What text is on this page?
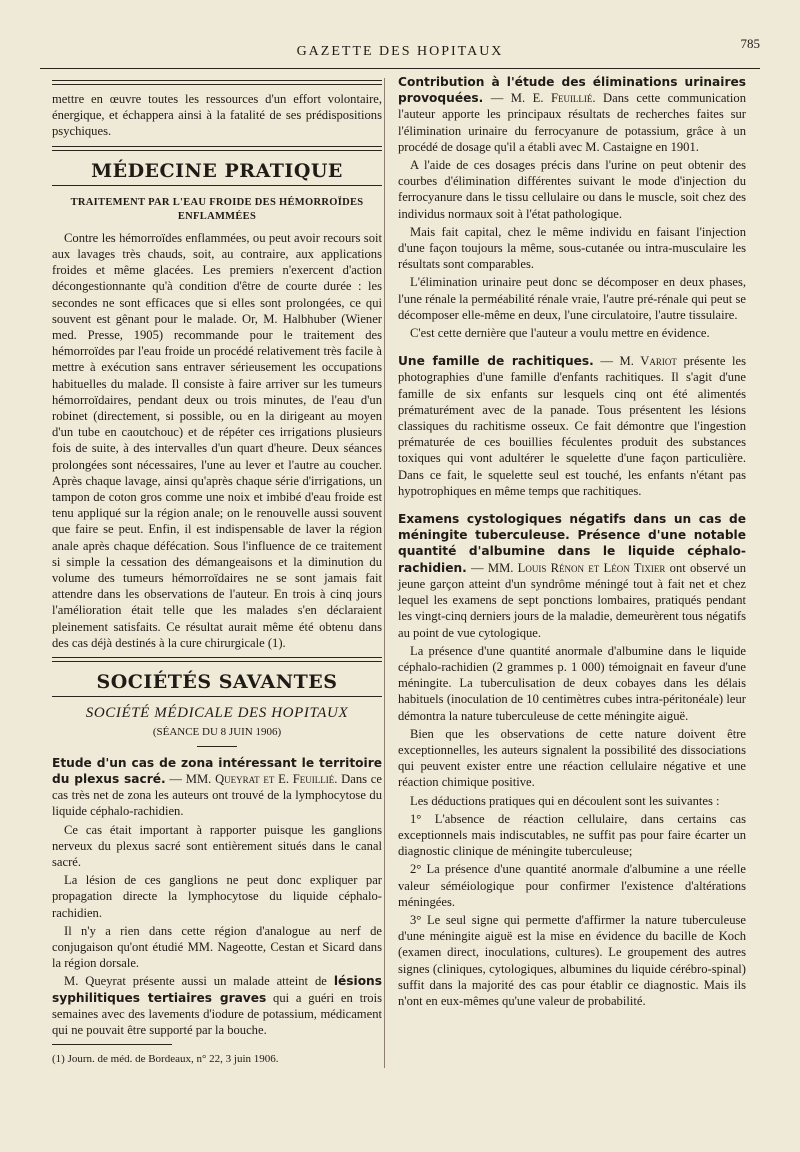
GAZETTE DES HOPITAUX
785

mettre en œuvre toutes les ressources d'un effort volontaire, énergique, et échappera ainsi à la fatalité de ses prédispositions psychiques.

MÉDECINE PRATIQUE
TRAITEMENT PAR L'EAU FROIDE DES HÉMORROÏDES ENFLAMMÉES

Contre les hémorroïdes enflammées, ou peut avoir recours soit aux lavages très chauds, soit, au contraire, aux applications froides et même glacées. Les premiers n'exercent d'action décongestionnante qu'à condition d'être de courte durée : les secondes ne sont efficaces que si elles sont prolongées, ce qui souvent est gênant pour le malade. Or, M. Halbhuber (Wiener med. Presse, 1905) recommande pour le traitement des hémorroïdes par l'eau froide un procédé relativement très facile à mettre à exécution sans entraver sérieusement les occupations habituelles du malade. Il consiste à faire arriver sur les tumeurs hémorroïdaires, pendant deux ou trois minutes, de l'eau d'un robinet (directement, si possible, ou en la dirigeant au moyen d'un tube en caoutchouc) et de répéter ces irrigations plusieurs fois de suite, à des intervalles d'un quart d'heure. Deux séances prolongées sont nécessaires, l'une au lever et l'autre au coucher. Après chaque lavage, ainsi qu'après chaque série d'irrigations, un tampon de coton gros comme une noix et imbibé d'eau froide est tenu appliqué sur la région anale; on le renouvelle aussi souvent que faire se peut. Enfin, il est indispensable de laver la région anale après chaque défécation. Sous l'influence de ce traitement si simple la cessation des démangeaisons et la diminution du volume des tumeurs hémorroïdaires ne se sont jamais fait attendre dans les observations de l'auteur. En trois à cinq jours l'amélioration était telle que les malades s'en déclaraient pleinement satisfaits. Ce résultat aurait même été obtenu dans des cas déjà destinés à la cure chirurgicale (1).

SOCIÉTÉS SAVANTES
SOCIÉTÉ MÉDICALE DES HOPITAUX
(SÉANCE DU 8 JUIN 1906)

Etude d'un cas de zona intéressant le territoire du plexus sacré. — MM. Queyrat et E. Feuillié. Dans ce cas très net de zona les auteurs ont trouvé de la lymphocytose du liquide céphalo-rachidien.

Ce cas était important à rapporter puisque les ganglions nerveux du plexus sacré sont entièrement situés dans le canal sacré.

La lésion de ces ganglions ne peut donc expliquer par propagation directe la lymphocytose du liquide céphalo-rachidien.

Il n'y a rien dans cette région d'analogue au nerf de conjugaison qu'ont étudié MM. Nageotte, Cestan et Sicard dans la région dorsale.

M. Queyrat présente aussi un malade atteint de lésions syphilitiques tertiaires graves qui a guéri en trois semaines avec des lavements d'iodure de potassium, médicament qui ne pouvait être supporté par la bouche.

(1) Journ. de méd. de Bordeaux, n° 22, 3 juin 1906.

Contribution à l'étude des éliminations urinaires provoquées. — M. E. Feuillié. Dans cette communication l'auteur apporte les principaux résultats de recherches faites sur l'élimination urinaire du ferrocyanure de potassium, grâce à un procédé de dosage qu'il a établi avec M. Castaigne en 1901.

A l'aide de ces dosages précis dans l'urine on peut obtenir des courbes d'élimination différentes suivant le mode d'injection du ferrocyanure dans le tissu cellulaire ou dans le muscle, soit chez des individus normaux soit à l'état pathologique.

Mais fait capital, chez le même individu en faisant l'injection d'une façon toujours la même, sous-cutanée ou intra-musculaire les résultats sont comparables.

L'élimination urinaire peut donc se décomposer en deux phases, l'une rénale la perméabilité rénale vraie, l'autre pré-rénale qui peut se décomposer elle-même en deux, l'une circulatoire, l'autre tissulaire.

C'est cette dernière que l'auteur a voulu mettre en évidence.

Une famille de rachitiques. — M. Variot présente les photographies d'une famille d'enfants rachitiques. Il s'agit d'une famille de six enfants sur lesquels cinq ont été alimentés prématurément avec de la panade. Tous présentent les lésions classiques du rachitisme osseux. Ce fait démontre que l'ingestion prématurée de ces bouillies féculentes produit des substances toxiques qui vont adultérer le squelette d'une façon particulière. Dans ce fait, le squelette seul est touché, les enfants n'étant pas hypotrophiques en même temps que rachitiques.

Examens cystologiques négatifs dans un cas de méningite tuberculeuse. Présence d'une notable quantité d'albumine dans le liquide céphalo-rachidien. — MM. Louis Rénon et Léon Tixier ont observé un jeune garçon atteint d'un syndrôme méningé tout à fait net et chez lequel les examens de sept ponctions lombaires, pratiqués pendant les vingt-cinq derniers jours de la maladie, demeurèrent tous négatifs au point de vue cytologique.

La présence d'une quantité anormale d'albumine dans le liquide céphalo-rachidien (2 grammes p. 1 000) témoignait en faveur d'une méningite. La tuberculisation de deux cobayes dans les délais habituels (inoculation de 10 centimètres cubes intra-péritonéale) leur démontra la nature tuberculeuse de cette méningite aiguë.

Bien que les observations de cette nature doivent être exceptionnelles, les auteurs signalent la possibilité des dissociations qui peuvent exister entre une réaction cellulaire négative et une réaction chimique positive.

Les déductions pratiques qui en découlent sont les suivantes :

1° L'absence de réaction cellulaire, dans certains cas exceptionnels mais indiscutables, ne suffit pas pour faire écarter un diagnostic clinique de méningite tuberculeuse;

2° La présence d'une quantité anormale d'albumine a une réelle valeur séméiologique pour confirmer l'existence d'altérations méningées.

3° Le seul signe qui permette d'affirmer la nature tuberculeuse d'une méningite aiguë est la mise en évidence du bacille de Koch (examen direct, inoculations, cultures). Le groupement des autres signes (cliniques, cytologiques, albumines du liquide cérébro-spinal) suffit dans la majorité des cas pour établir ce diagnostic. Mais ils n'ont en eux-mêmes qu'une valeur de probabilité.
